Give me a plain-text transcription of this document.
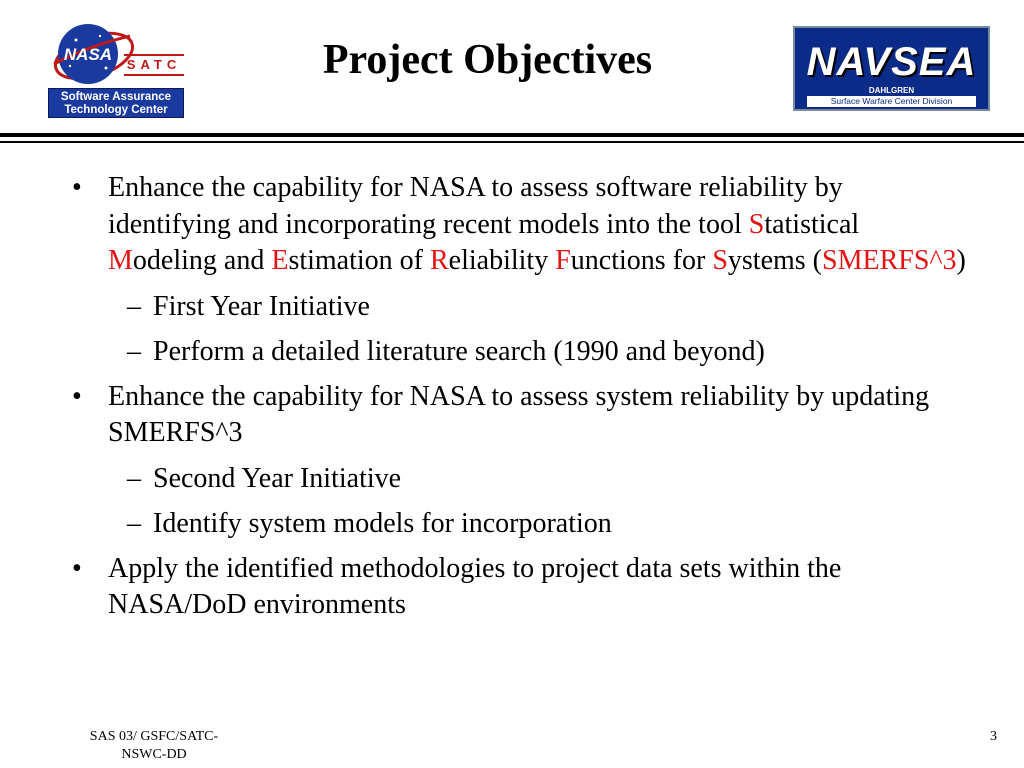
NASA
SATC
Software Assurance
Technology Center
Project Objectives	NAVSEA
DAHLGREN
Surface Warfare Center Division
• Enhance the capability for NASA to assess software reliability by identifying and incorporating recent models into the tool Statistical Modeling and Estimation of Reliability Functions for Systems (SMERFS^3)
– First Year Initiative
– Perform a detailed literature search (1990 and beyond)
• Enhance the capability for NASA to assess system reliability by updating SMERFS^3
– Second Year Initiative
– Identify system models for incorporation
• Apply the identified methodologies to project data sets within the NASA/DoD environments
SAS 03/ GSFC/SATC-
NSWC-DD
3
